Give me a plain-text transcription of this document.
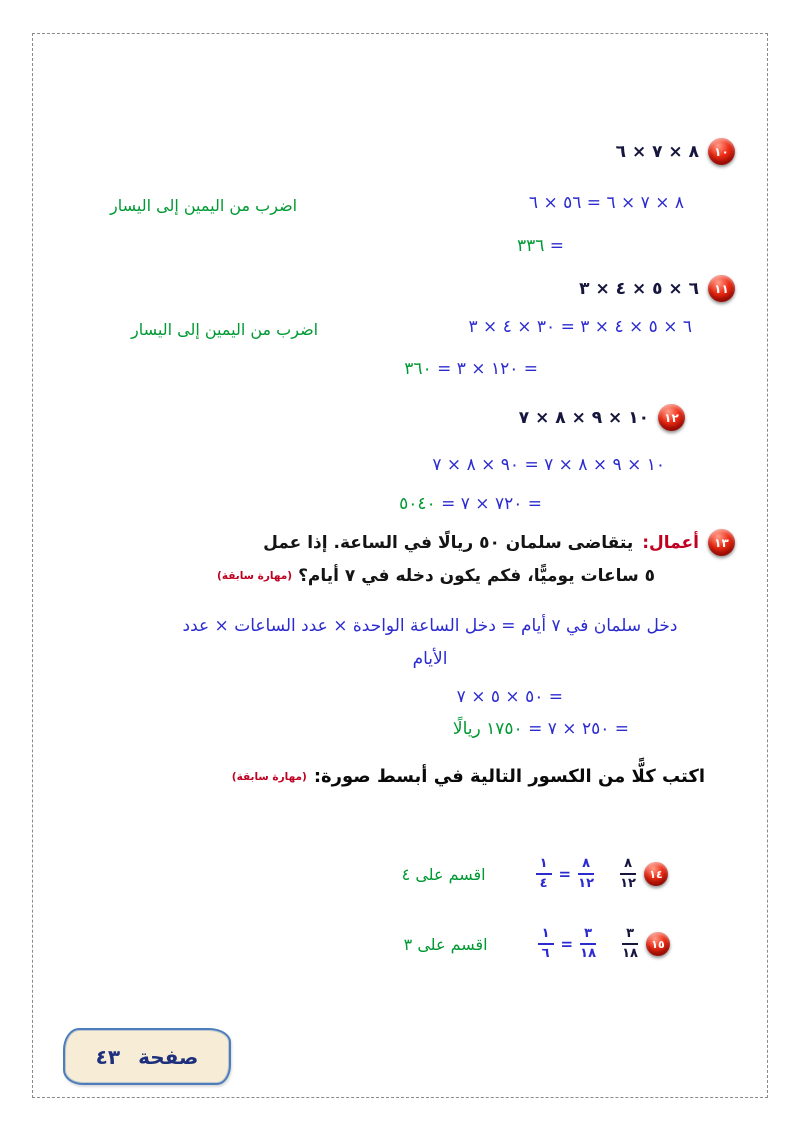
١٠
٨ × ٧ × ٦
٨ × ٧ × ٦ = ٥٦ × ٦
اضرب من اليمين إلى اليسار
= ٣٣٦
١١
٦ × ٥ × ٤ × ٣
٦ × ٥ × ٤ × ٣ = ٣٠ × ٤ × ٣
اضرب من اليمين إلى اليسار
= ١٢٠ × ٣ = ٣٦٠
١٢
١٠ × ٩ × ٨ × ٧
١٠ × ٩ × ٨ × ٧ = ٩٠ × ٨ × ٧
= ٧٢٠ × ٧ = ٥٠٤٠
١٣
أعمال:
يتقاضى سلمان ٥٠ ريالًا في الساعة. إذا عمل
٥ ساعات يوميًّا، فكم يكون دخله في ٧ أيام؟
(مهارة سابقة)
دخل سلمان في ٧ أيام = دخل الساعة الواحدة × عدد الساعات × عدد
الأيام
= ٥٠ × ٥ × ٧
= ٢٥٠ × ٧ = ١٧٥٠ ريالًا
اكتب كلًّا من الكسور التالية في أبسط صورة:
(مهارة سابقة)
١٤
$\frac{٨}{١٢}$
$\frac{٨}{١٢}$
=
$\frac{١}{٤}$
اقسم على ٤
١٥
$\frac{٣}{١٨}$
$\frac{٣}{١٨}$
=
$\frac{١}{٦}$
اقسم على ٣
صفحة
٤٣
